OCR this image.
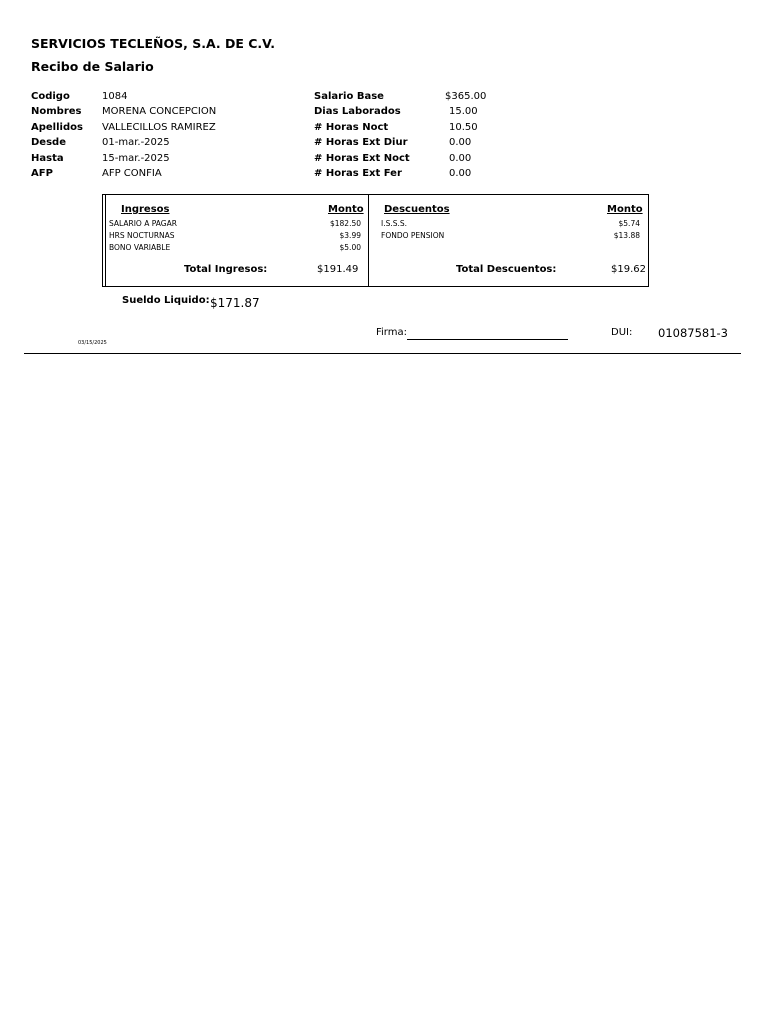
SERVICIOS TECLEÑOS, S.A. DE C.V.
Recibo de Salario
Codigo	1084
Nombres MORENA CONCEPCION
Apellidos VALLECILLOS RAMIREZ
Desde	01-mar.-2025
Hasta	15-mar.-2025
AFP	AFP CONFIA
Salario Base	$365.00
Dias Laborados	15.00
# Horas Noct	10.50
# Horas Ext Diur	0.00
# Horas Ext Noct	0.00
# Horas Ext Fer	0.00
Ingresos	Monto
SALARIO A PAGAR	$182.50
HRS NOCTURNAS	$3.99
BONO VARIABLE	$5.00
Total Ingresos:	$191.49
Descuentos	Monto
I.S.S.S.	$5.74
FONDO PENSION	$13.88
Total Descuentos:	$19.62
Sueldo Liquido: $171.87
03/15/2025
Firma:	DUI: 01087581-3
